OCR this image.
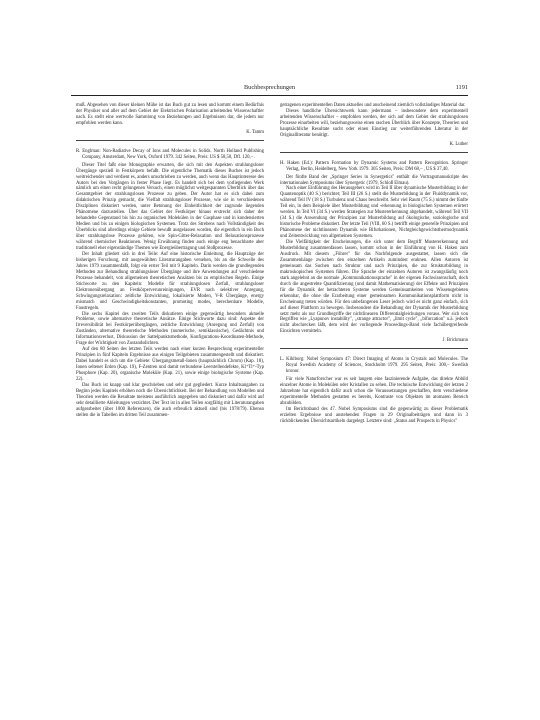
Buchbesprechungen	1191

muß. Abgesehen von dieser kleinen Mühe ist das Buch gut zu lesen und kommt einem Bedürfnis der Physiker und aller auf dem Gebiet der Elektrischen Polarisation arbeitenden Wissenschaftler nach. Es stellt eine wertvolle Sammlung von Beziehungen und Ergebnissen dar, die jedem nur empfohlen werden kann.

K. Tamm

R. Englman: Non-Radiative Decay of Ions and Molecules in Solids. North Holland Publishing Company, Amsterdam, New York, Oxford 1979. 342 Seiten, Preis: US $ 58,50, Dfl. 120,– .

Dieser Titel faßt eine Monographie erwarten, die sich mit den Aspekten strahlungsloser Übergänge speziell in Festkörpern befaßt. Die eigentliche Thematik dieses Buches ist jedoch weitreichender und verdient es, anders umschrieben zu werden, auch wenn das Hauptinteresse des Autors bei den Vorgängen in fester Phase liegt. Es handelt sich bei dem vorliegenden Werk nämlich um einen recht gelungenen Versuch, einen möglichst weitgespannten Überblick über das Gesamtgebiet der strahlungslosen Prozesse zu geben. Der Autor hat es sich dabei zum didaktischen Prinzip gemacht, die Vielfalt strahlungsloser Prozesse, wie sie in verschiedenen Disziplinen diskutiert werden, unter Betonung der Einheitlichkeit der zugrunde liegenden Phänomene darzustellen. Über das Gebiet der Festkörper hinaus erstreckt sich daher der behandelte Gegenstand bis hin zu organischen Molekülen in der Gasphase und in kondensierten Medien und bis zu einigen biologischen Systemen. Trotz des Strebens nach Vollständigkeit des Überblicks sind allerdings einige Gebiete bewußt ausgelassen worden, die eigentlich in ein Buch über strahlungslose Prozesse gehören, wie Spin-Gitter-Relaxation und Relaxationsprozesse während chemischer Reaktionen. Wenig Erwähnung finden auch einige eng benachbarte aber traditionell eher eigenständige Themen wie Energieübertragung und Stoßprozesse.

Der Inhalt gliedert sich in drei Teile: Auf eine historische Einleitung, die Hauptzüge der bisherigen Forschung, mit ausgewählten Literaturangaben versehen, bis an die Schwelle des Jahres 1979 zusammenfaßt, folgt ein erster Teil mit 9 Kapiteln. Darin werden die grundlegenden Methoden zur Behandlung strahlungsloser Übergänge und ihre Anwendungen auf verschiedene Prozesse behandelt, von allgemeinen theoretischen Ansätzen bis zu empirischen Regeln. Einige Stichworte zu den Kapiteln: Modelle für strahlungslosen Zerfall, strahlungsloser Elektronenübergang an Festkörperverunreinigungen, EVR nach selektiver Anregung, Schwingungsrelaxation: zeitliche Entwicklung, lokalisierte Moden, V-R Übergänge, energy mismatch und Geschwindigkeitskonstanten, promoting modes, berechenbare Modelle, Faustregeln.

Die sechs Kapitel des zweiten Teils diskutieren einige gegenwärtig besonders aktuelle Probleme, sowie alternative theoretische Ansätze. Einige Stichworte dazu sind: Aspekte der Irreversibilität bei Festkörperübergängen, zeitliche Entwicklung (Anregung und Zerfall) von Zuständen, alternative theoretische Methoden (numerische, semiklassische), Gedächtnis und Informationsverlust, Diskussion der Sattelpunktsmethode, Konfigurations-Koordinaten-Methode, Frage der Wichtigkeit von Zustandsdichten.

Auf den 80 Seiten des letzten Teils werden nach einer kurzen Besprechung experimenteller Prinzipien in fünf Kapiteln Ergebnisse aus einigen Teilgebieten zusammengestellt und diskutiert. Dabei handelt es sich um die Gebiete: Übergangsmetall-Ionen (hauptsächlich Chrom) (Kap. 18), Ionen seltener Erden (Kap. 19), F-Zentren und damit verbundene Leerstellendefekte, Kl⁺Tl⁺-Typ Phosphore (Kap. 20), organische Moleküle (Kap. 21), sowie einige biologische Systeme (Kap. 22).

Das Buch ist knapp und klar geschrieben und sehr gut gegliedert. Kurze Inhaltsangaben zu Beginn jedes Kapitels erhöhen noch die Übersichtlichkeit. Bei der Behandlung von Modellen und Theorien werden die Resultate meistens ausführlich angegeben und diskutiert und dafür wird auf sehr detaillierte Ableitungen verzichtet. Der Text ist in allen Teilen sorgfältig mit Literaturangaben aufgearbeitet (über 1000 Referenzen), die auch erfreulich aktuell sind (bis 1978/79). Ebenso stellen die in Tabellen im dritten Teil zusammen-

getragenen experimentellen Daten aktuelles und anscheinend ziemlich vollständiges Material dar.

Dieses handliche Übersichtswerk kann jedermann – insbesondere dem experimentell arbeitenden Wissenschaftler – empfohlen werden, der sich auf dem Gebiet der strahlungslosen Prozesse einarbeiten will, beziehungsweise einen raschen Überblick über Konzepte, Theorien und hauptsächliche Resultate sucht oder einen Einstieg zur weiterführenden Literatur in der Originalliteratur benötigt.

K. Luther

H. Haken (Ed.): Pattern Formation by Dynamic Systems and Pattern Recognition. Springer Verlag, Berlin, Heidelberg, New York 1979. 305 Seiten, Preis: DM 68,– , US $ 37,40.

Der fünfte Band der „Springer Series in Synergetics" enthält die Vortragsmanuskripte des internationalen Symposiums über Synergetic (1979, Schloß Elmau).

Nach einer Einführung des Herausgebers wird in Teil II über dynamische Musterbildung in der Quantenoptik (40 S.) berichtet; Teil III (26 S.) stellt die Musterbildung in der Fluiddynamik vor, während Teil IV (18 S.) Turbulenz und Chaos beschreibt. Sehr viel Raum (75 S.) nimmt der fünfte Teil ein, in dem Beispiele über Musterbildung und -erkennung in biologischen Systemen erörtert werden. In Teil VI (34 S.) werden Strategien zur Mustererkennung abgehandelt, während Teil VII (34 S.) die Anwendung der Prinzipien zur Musterbildung auf ökologische, soziologische und historische Probleme diskutiert. Der letzte Teil (VIII, 60 S.) betrifft einige generelle Prinzipien und Phänomene der nichtlinearen Dynamik wie Bifurkationen, Nichtgleichgewichtsthermodynamik und Zeitentwicklung von allgemeinen Systemen.

Die Vielfältigkeit der Erscheinungen, die sich unter dem Begriff Mustererkennung und Musterbildung zusammenfassen lassen, kommt schon in der Einführung von H. Haken zum Ausdruck. Mit diesem „Führer" für das Nachfolgende ausgestattet, lassen sich die Zusammenhänge zwischen den einzelnen Artikeln zumindest erahnen. Allen Autoren ist gemeinsam das Suchen nach Struktur und nach Prinzipien, die zur Strukturbildung in makroskopischen Systemen führen. Die Sprache der einzelnen Autoren ist zwangsläufig noch stark angelehnt an die normale „Kommunikationssprache" in der eigenen Fachwissenschaft, doch durch die angestrebte Quantifizierung (und damit Mathematisierung) der Effekte und Prinzipien für die Dynamik der betrachteten Systeme werden Gemeinsamkeiten von Wissensgebieten erkennbar, die ohne die Erarbeitung einer gemeinsamen Kommunikationsplattform nicht in Erscheinung treten würden. Für den unbefangenen Leser jedoch wird es nicht ganz einfach, sich auf dieser Plattform zu bewegen. Insbesondere die Behandlung der Dynamik der Musterbildung setzt mehr als nur Grundbegriffe der nichtlinearen Differentialgleichungen voraus. Wer sich von Begriffen wie „Lyapunov instability", „strange attractor", „limit cycle", „bifurcation" u.ä. jedoch nicht abschrecken läßt, dem wird der vorliegende Proceedings-Band viele fachübergreifende Einsichten vermitteln.

J. Brickmann

L. Kihlborg: Nobel Symposium 47: Direct Imaging of Atoms in Crystals and Molecules. The Royal Swedish Academy of Sciences, Stockholm 1979. 295 Seiten, Preis: 300,– Swedish kronor.

Für viele Naturforscher war es seit langem eine faszinierende Aufgabe, das direkte Abbild einzelner Atome in Molekülen oder Kristallen zu sehen. Die technische Entwicklung der letzten 2 Jahrzehnte hat eigentlich dafür auch schon die Voraussetzungen geschaffen, dem verschiedene experimentelle Methoden gestatten es bereits, Kontraste von Objekten im atomaren Bereich abzubilden.

Im Berichtsband des 47. Nobel Symposiums sind die gegenwärtig zu dieser Problematik erzielten Ergebnisse und anstehenden Fragen in 29 Originalbeiträgen und dann in 3 rückblickenden Übersichtsartikeln dargelegt. Letztere sind: „Status and Prospects in Physics"
